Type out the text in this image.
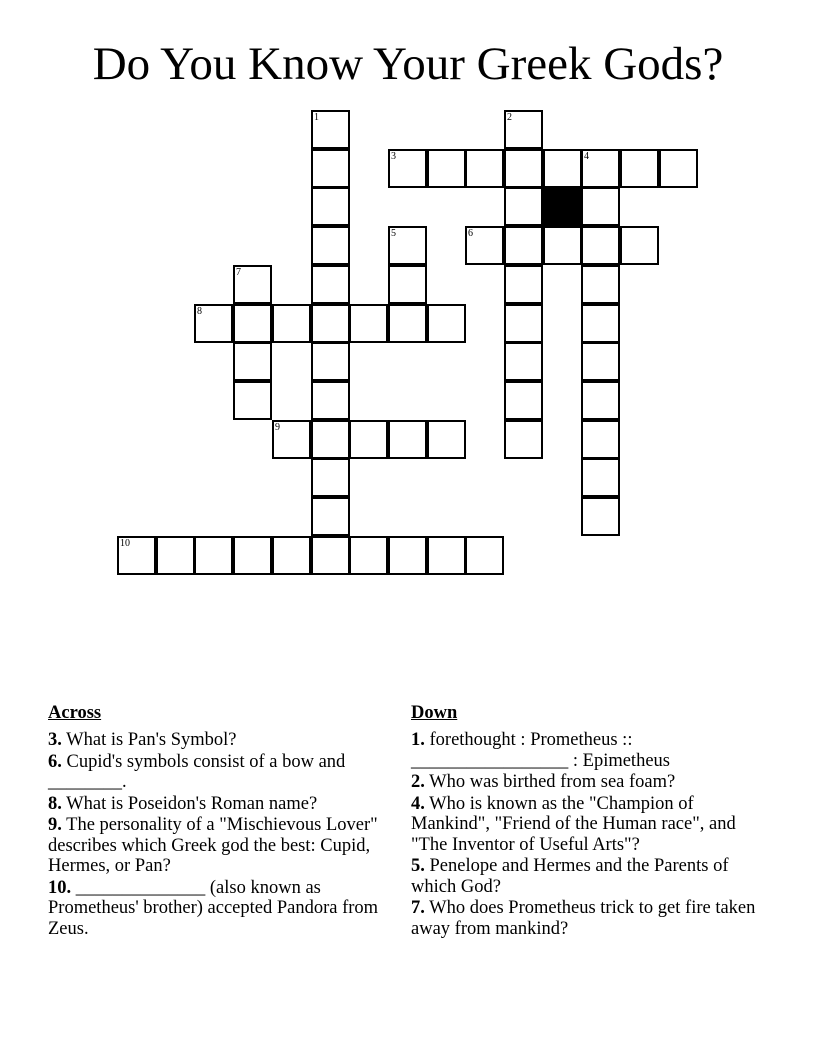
Do You Know Your Greek Gods?
1	2
3	4
5	6
7
8
9
10
Across
3. What is Pan's Symbol?
6. Cupid's symbols consist of a bow and ________.
8. What is Poseidon's Roman name?
9. The personality of a "Mischievous Lover" describes which Greek god the best: Cupid, Hermes, or Pan?
10. ______________ (also known as Prometheus' brother) accepted Pandora from Zeus.
Down
1. forethought : Prometheus :: _________________ : Epimetheus
2. Who was birthed from sea foam?
4. Who is known as the "Champion of Mankind", "Friend of the Human race", and "The Inventor of Useful Arts"?
5. Penelope and Hermes and the Parents of which God?
7. Who does Prometheus trick to get fire taken away from mankind?
